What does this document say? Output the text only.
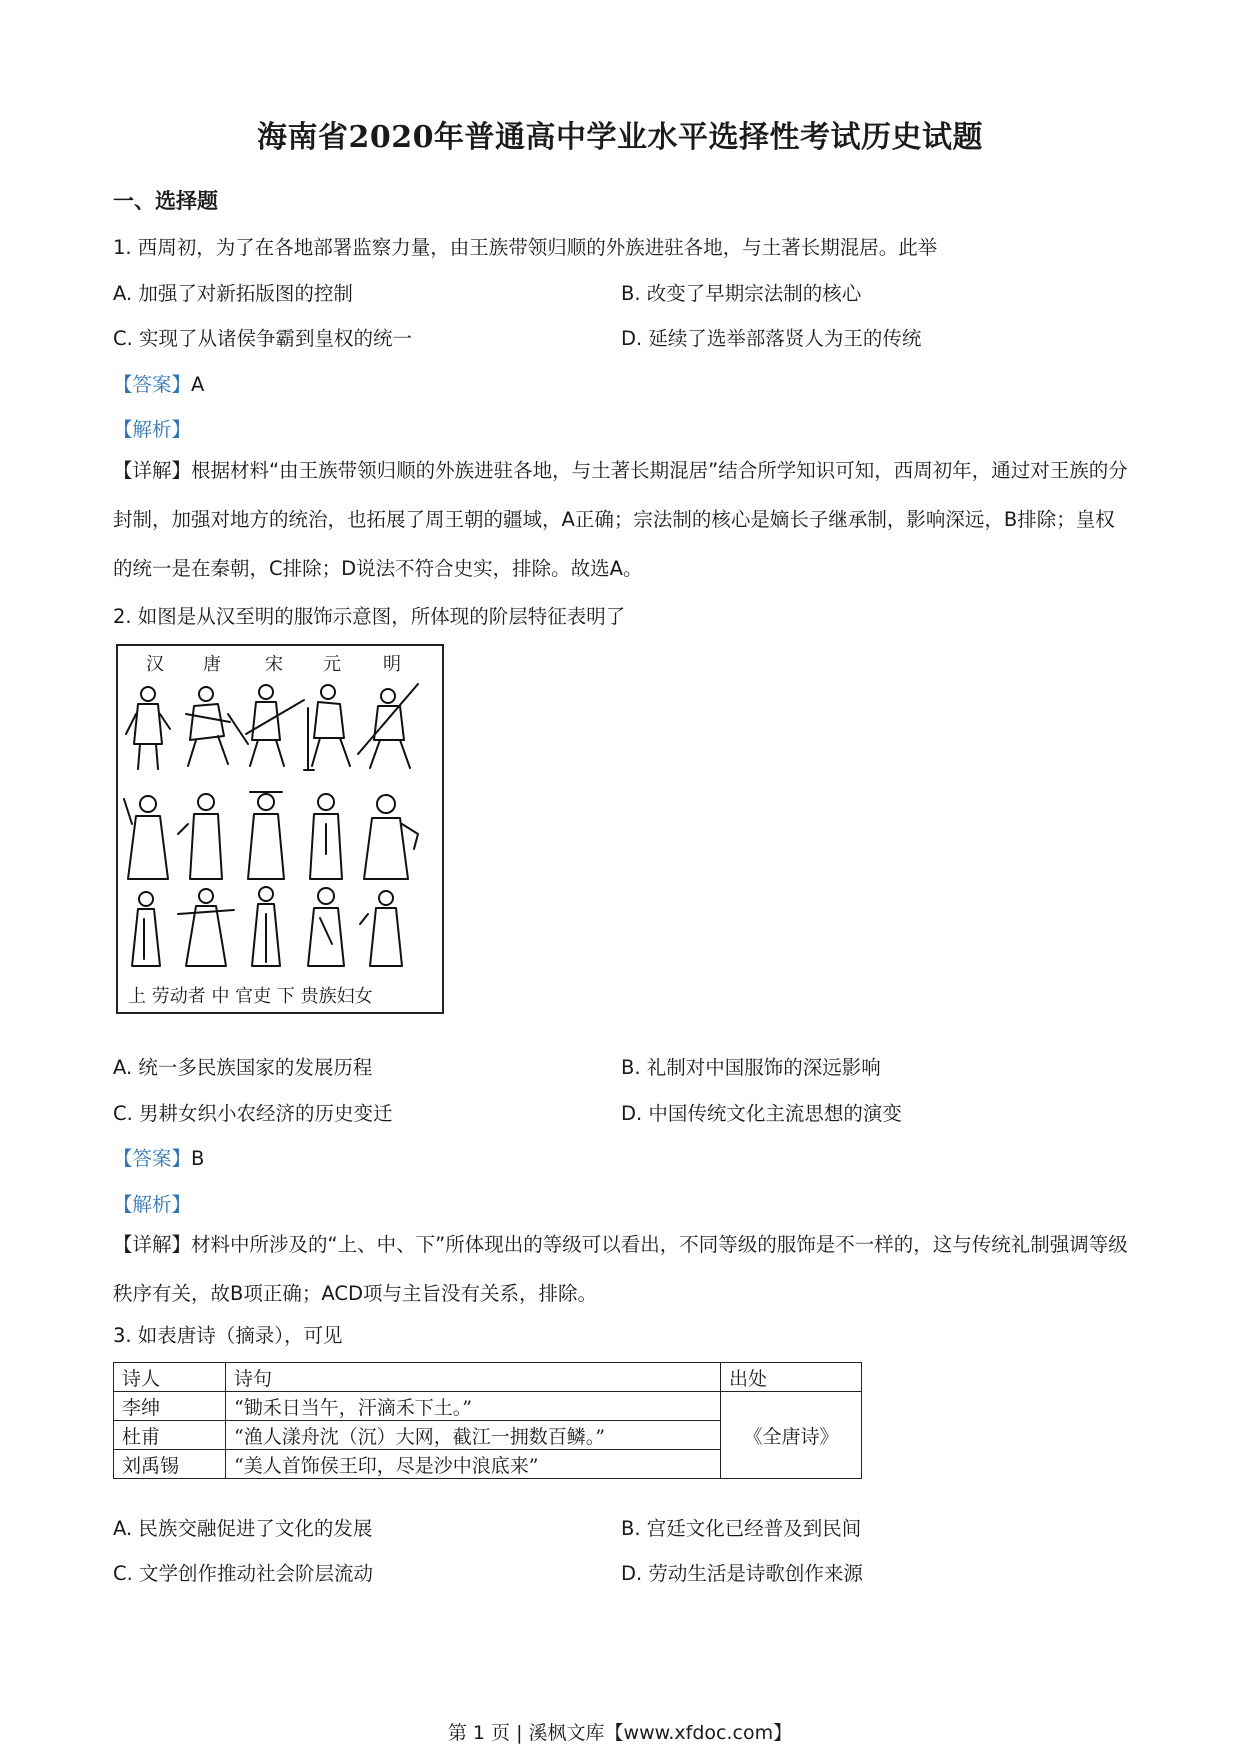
海南省2020年普通高中学业水平选择性考试历史试题
一、选择题
1. 西周初，为了在各地部署监察力量，由王族带领归顺的外族进驻各地，与土著长期混居。此举
A. 加强了对新拓版图的控制	B. 改变了早期宗法制的核心
C. 实现了从诸侯争霸到皇权的统一	D. 延续了选举部落贤人为王的传统
【答案】A
【解析】
【详解】根据材料“由王族带领归顺的外族进驻各地，与土著长期混居”结合所学知识可知，西周初年，通过对王族的分封制，加强对地方的统治，也拓展了周王朝的疆域，A正确；宗法制的核心是嫡长子继承制，影响深远，B排除；皇权的统一是在秦朝，C排除；D说法不符合史实，排除。故选A。
2. 如图是从汉至明的服饰示意图，所体现的阶层特征表明了
汉 唐 宋 元 明
上 劳动者 中 官吏 下 贵族妇女
A. 统一多民族国家的发展历程	B. 礼制对中国服饰的深远影响
C. 男耕女织小农经济的历史变迁	D. 中国传统文化主流思想的演变
【答案】B
【解析】
【详解】材料中所涉及的“上、中、下”所体现出的等级可以看出，不同等级的服饰是不一样的，这与传统礼制强调等级秩序有关，故B项正确；ACD项与主旨没有关系，排除。
3. 如表唐诗（摘录），可见
诗人	诗句	出处
李绅	“锄禾日当午，汗滴禾下土。”	《全唐诗》
杜甫	“渔人漾舟沈（沉）大网，截江一拥数百鳞。”	
刘禹锡	“美人首饰侯王印，尽是沙中浪底来”	
A. 民族交融促进了文化的发展	B. 宫廷文化已经普及到民间
C. 文学创作推动社会阶层流动	D. 劳动生活是诗歌创作来源
第 1 页 | 溪枫文库【www.xfdoc.com】
